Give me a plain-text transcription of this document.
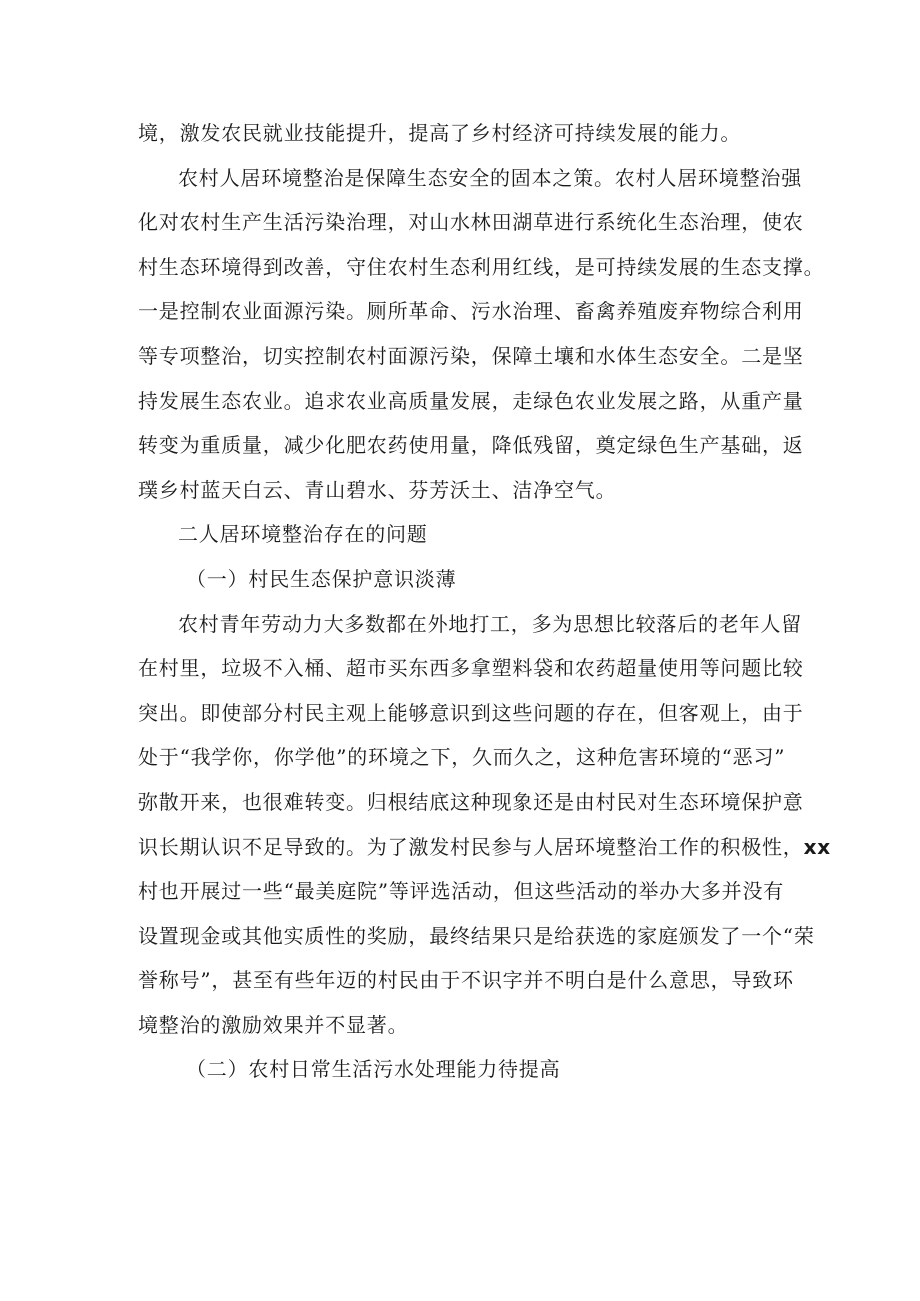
境，激发农民就业技能提升，提高了乡村经济可持续发展的能力。

农村人居环境整治是保障生态安全的固本之策。农村人居环境整治强
化对农村生产生活污染治理，对山水林田湖草进行系统化生态治理，使农
村生态环境得到改善，守住农村生态利用红线，是可持续发展的生态支撑。
一是控制农业面源污染。厕所革命、污水治理、畜禽养殖废弃物综合利用
等专项整治，切实控制农村面源污染，保障土壤和水体生态安全。二是坚
持发展生态农业。追求农业高质量发展，走绿色农业发展之路，从重产量
转变为重质量，减少化肥农药使用量，降低残留，奠定绿色生产基础，返
璞乡村蓝天白云、青山碧水、芬芳沃土、洁净空气。

二人居环境整治存在的问题

（一）村民生态保护意识淡薄

农村青年劳动力大多数都在外地打工，多为思想比较落后的老年人留
在村里，垃圾不入桶、超市买东西多拿塑料袋和农药超量使用等问题比较
突出。即使部分村民主观上能够意识到这些问题的存在，但客观上，由于
处于“我学你，你学他”的环境之下，久而久之，这种危害环境的“恶习”
弥散开来，也很难转变。归根结底这种现象还是由村民对生态环境保护意
识长期认识不足导致的。为了激发村民参与人居环境整治工作的积极性，xx
村也开展过一些“最美庭院”等评选活动，但这些活动的举办大多并没有
设置现金或其他实质性的奖励，最终结果只是给获选的家庭颁发了一个“荣
誉称号”，甚至有些年迈的村民由于不识字并不明白是什么意思，导致环
境整治的激励效果并不显著。

（二）农村日常生活污水处理能力待提高
